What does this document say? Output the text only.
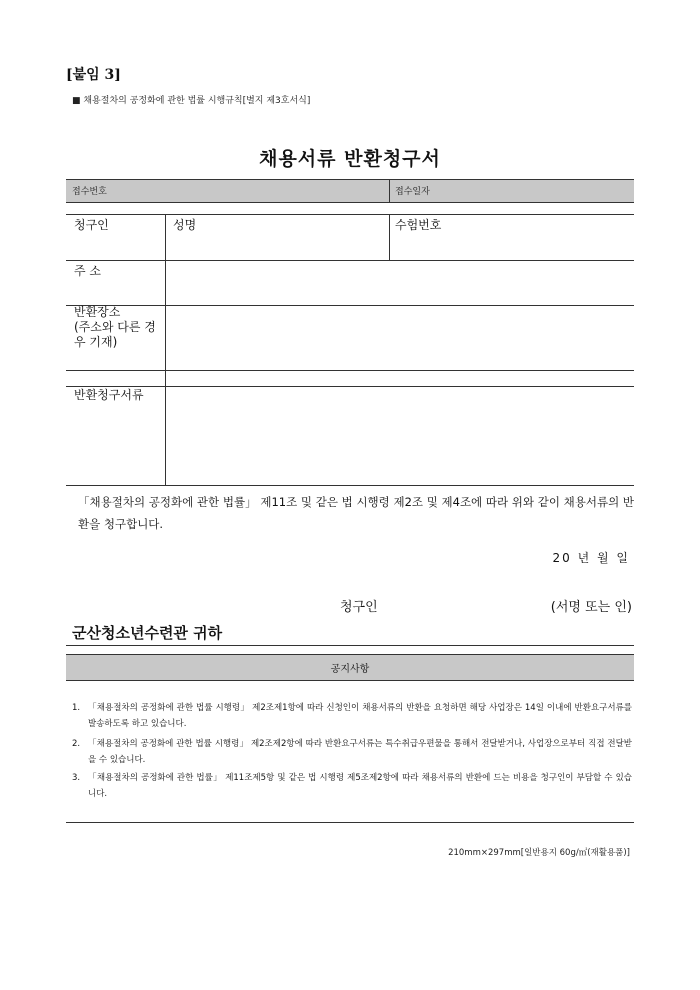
[붙임 3]
■ 채용절차의 공정화에 관한 법률 시행규칙[별지 제3호서식]
채용서류 반환청구서
접수번호	접수일자
청구인	성명	수험번호
주 소
반환장소
(주소와 다른 경
우 기재)
반환청구서류
「채용절차의 공정화에 관한 법률」 제11조 및 같은 법 시행령 제2조 및 제4조에 따라 위와 같이 채용서류의 반환을 청구합니다.
20 년 월 일
청구인	(서명 또는 인)
군산청소년수련관 귀하
공지사항
1. 「채용절차의 공정화에 관한 법률 시행령」 제2조제1항에 따라 신청인이 채용서류의 반환을 요청하면 해당 사업장은 14일 이내에 반환요구서류를 발송하도록 하고 있습니다.
2. 「채용절차의 공정화에 관한 법률 시행령」 제2조제2항에 따라 반환요구서류는 특수취급우편물을 통해서 전달받거나, 사업장으로부터 직접 전달받을 수 있습니다.
3. 「채용절차의 공정화에 관한 법률」 제11조제5항 및 같은 법 시행령 제5조제2항에 따라 채용서류의 반환에 드는 비용을 청구인이 부담할 수 있습니다.
210mm×297mm[일반용지 60g/㎡(재활용품)]
